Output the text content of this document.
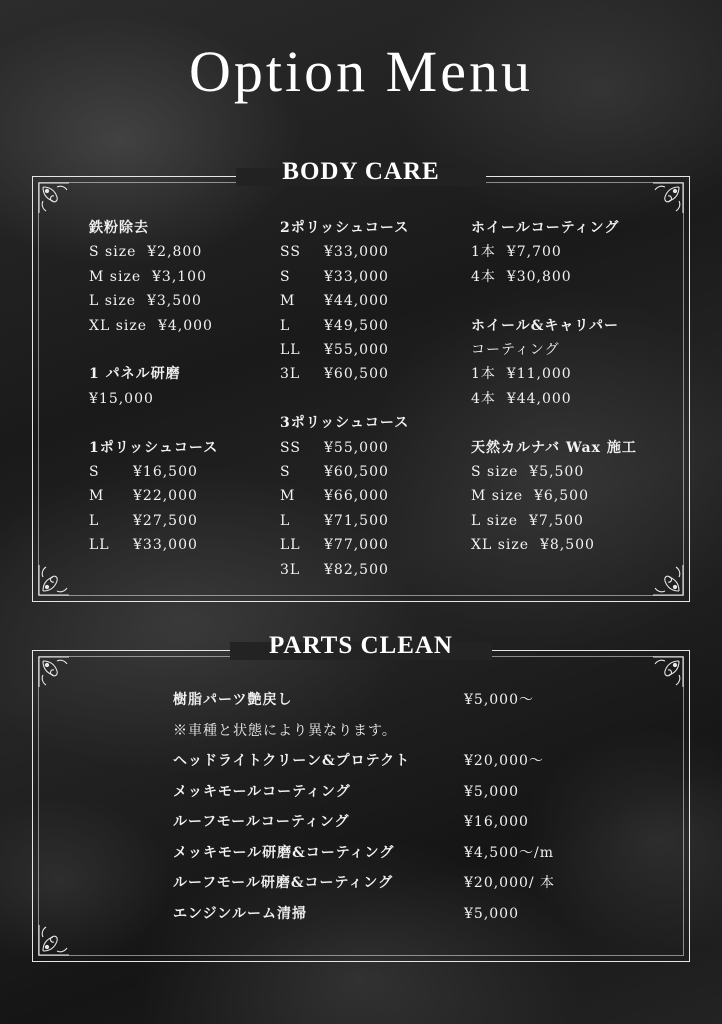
Option Menu
BODY CARE
鉄粉除去
S size  ¥2,800
M size  ¥3,100
L size  ¥3,500
XL size  ¥4,000
1 パネル研磨
¥15,000
1ポリッシュコース
S ¥16,500
M ¥22,000
L ¥27,500
LL ¥33,000
2ポリッシュコース
SS ¥33,000
S ¥33,000
M ¥44,000
L ¥49,500
LL ¥55,000
3L ¥60,500
3ポリッシュコース
SS ¥55,000
S ¥60,500
M ¥66,000
L ¥71,500
LL ¥77,000
3L ¥82,500
ホイールコーティング
1本  ¥7,700
4本  ¥30,800
ホイール&キャリパー
コーティング
1本  ¥11,000
4本  ¥44,000
天然カルナバ Wax 施工
S size  ¥5,500
M size  ¥6,500
L size  ¥7,500
XL size  ¥8,500
PARTS CLEAN
樹脂パーツ艶戻し	¥5,000～
※車種と状態により異なります。
ヘッドライトクリーン&プロテクト	¥20,000～
メッキモールコーティング	¥5,000
ルーフモールコーティング	¥16,000
メッキモール研磨&コーティング	¥4,500～/m
ルーフモール研磨&コーティング	¥20,000/ 本
エンジンルーム清掃	¥5,000
